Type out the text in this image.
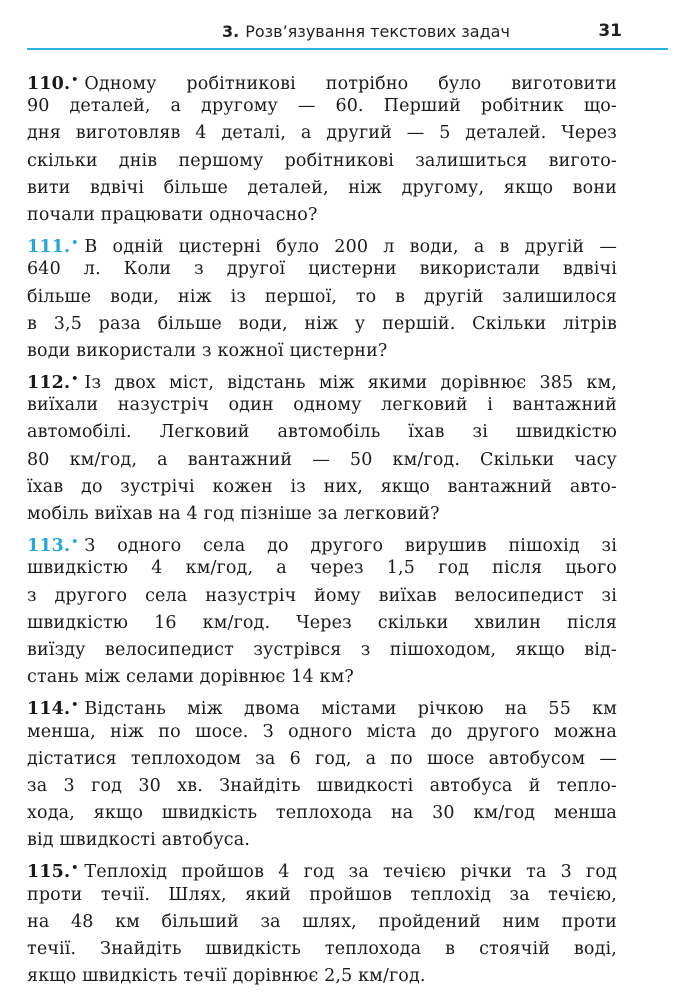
3. Розв’язування текстових задач	31
110.• Одному робітникові потрібно було виготовити
90 деталей, а другому — 60. Перший робітник що-
дня виготовляв 4 деталі, а другий — 5 деталей. Через
скільки днів першому робітникові залишиться вигото-
вити вдвічі більше деталей, ніж другому, якщо вони
почали працювати одночасно?
111.• В одній цистерні було 200 л води, а в другій —
640 л. Коли з другої цистерни використали вдвічі
більше води, ніж із першої, то в другій залишилося
в 3,5 раза більше води, ніж у першій. Скільки літрів
води використали з кожної цистерни?
112.• Із двох міст, відстань між якими дорівнює 385 км,
виїхали назустріч один одному легковий і вантажний
автомобілі. Легковий автомобіль їхав зі швидкістю
80 км/год, а вантажний — 50 км/год. Скільки часу
їхав до зустрічі кожен із них, якщо вантажний авто-
мобіль виїхав на 4 год пізніше за легковий?
113.• З одного села до другого вирушив пішохід зі
швидкістю 4 км/год, а через 1,5 год після цього
з другого села назустріч йому виїхав велосипедист зі
швидкістю 16 км/год. Через скільки хвилин після
виїзду велосипедист зустрівся з пішоходом, якщо від-
стань між селами дорівнює 14 км?
114.• Відстань між двома містами річкою на 55 км
менша, ніж по шосе. З одного міста до другого можна
дістатися теплоходом за 6 год, а по шосе автобусом —
за 3 год 30 хв. Знайдіть швидкості автобуса й тепло-
хода, якщо швидкість теплохода на 30 км/год менша
від швидкості автобуса.
115.• Теплохід пройшов 4 год за течією річки та 3 год
проти течії. Шлях, який пройшов теплохід за течією,
на 48 км більший за шлях, пройдений ним проти
течії. Знайдіть швидкість теплохода в стоячій воді,
якщо швидкість течії дорівнює 2,5 км/год.
